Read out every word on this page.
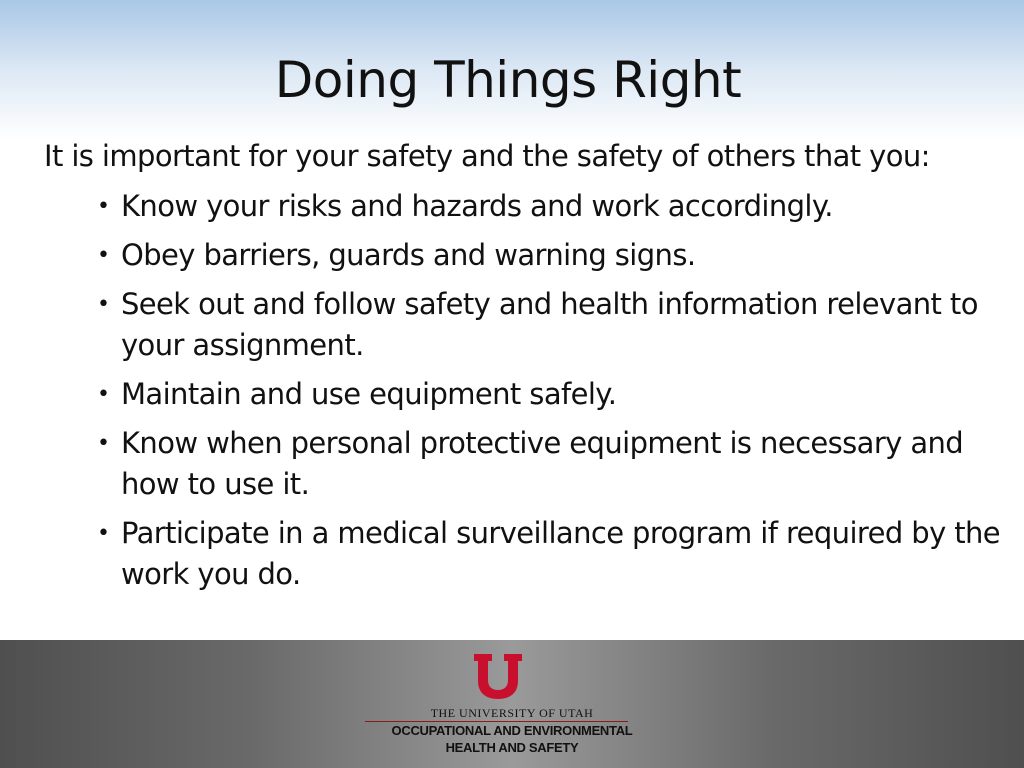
Doing Things Right
It is important for your safety and the safety of others that you:
• Know your risks and hazards and work accordingly.
• Obey barriers, guards and warning signs.
• Seek out and follow safety and health information relevant to your assignment.
• Maintain and use equipment safely.
• Know when personal protective equipment is necessary and how to use it.
• Participate in a medical surveillance program if required by the work you do.
THE UNIVERSITY OF UTAH
OCCUPATIONAL AND ENVIRONMENTAL
HEALTH AND SAFETY
